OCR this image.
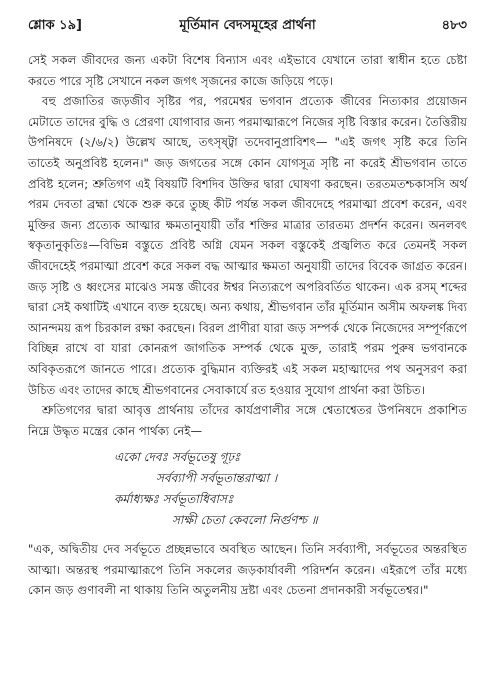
শ্লোক ১৯]	মূর্তিমান বেদসমূহের প্রার্থনা	৪৮৩

সেই সকল জীবদের জন্য একটা বিশেষ বিন্যাস এবং এইভাবে যেখানে তারা স্বাধীন হতে চেষ্টা করতে পারে সৃষ্টি সেখানে নকল জগৎ সৃজনের কাজে জড়িয়ে পড়ে।

বহু প্রজাতির জড়জীব সৃষ্টির পর, পরমেশ্বর ভগবান প্রত্যেক জীবের নিত্যকার প্রয়োজন মেটাতে তাদের বুদ্ধি ও প্রেরণা যোগাবার জন্য পরমাত্মারূপে নিজের সৃষ্টি বিস্তার করেন। তৈত্তিরীয় উপনিষদে (২/৬/২) উল্লেখ আছে, তৎসৃষ্ট্বা তদেবানুপ্রাবিশৎ— "এই জগৎ সৃষ্টি করে তিনি তাতেই অনুপ্রবিষ্ট হলেন।" জড় জগতের সঙ্গে কোন যোগসূত্র সৃষ্টি না করেই শ্রীভগবান তাতে প্রবিষ্ট হলেন; শ্রুতিগণ এই বিষয়টি বিশদিব উক্তির দ্বারা ঘোষণা করছেন। তরতমতশ্চকাসসি অর্থ পরম দেবতা ব্রহ্মা থেকে শুরু করে তুচ্ছ কীট পর্যন্ত সকল জীবদেহে পরমাত্মা প্রবেশ করেন, এবং মুক্তির জন্য প্রত্যেক আত্মার ক্ষমতানুযায়ী তাঁর শক্তির মাত্রার তারতম্য প্রদর্শন করেন। অনলবৎ স্বকৃতানুকৃতিঃ—বিভিন্ন বস্তুতে প্রবিষ্ট অগ্নি যেমন সকল বস্তুকেই প্রজ্বলিত করে তেমনই সকল জীবদেহেই পরমাত্মা প্রবেশ করে সকল বদ্ধ আত্মার ক্ষমতা অনুযায়ী তাদের বিবেক জাগ্রত করেন। জড় সৃষ্টি ও ধ্বংসের মাঝেও সমস্ত জীবের ঈশ্বর নিত্যরূপে অপরিবর্তিত থাকেন। এক রসম্ শব্দের দ্বারা সেই কথাটিই এখানে ব্যক্ত হয়েছে। অন্য কথায়, শ্রীভগবান তাঁর মূর্তিমান অসীম অফলঙ্ক দিব্য আনন্দময় রূপ চিরকাল রক্ষা করছেন। বিরল প্রাণীরা যারা জড় সম্পর্ক থেকে নিজেদের সম্পূর্ণরূপে বিচ্ছিন্ন রাখে বা যারা কোনরূপ জাগতিক সম্পর্ক থেকে মুক্ত, তারাই পরম পুরুষ ভগবানকে অবিকৃতরূপে জানতে পারে। প্রত্যেক বুদ্ধিমান ব্যক্তিরই এই সকল মহাত্মাদের পথ অনুসরণ করা উচিত এবং তাদের কাছে শ্রীভগবানের সেবাকার্যে রত হওয়ার সুযোগ প্রার্থনা করা উচিত।

শ্রুতিগণের দ্বারা আবৃত্ত প্রার্থনায় তাঁদের কার্যপ্রণালীর সঙ্গে শ্বেতাশ্বেতর উপনিষদে প্রকাশিত নিম্নে উদ্ধৃত মন্ত্রের কোন পার্থক্য নেই—

একো দেবঃ সর্বভূতেষু গূঢ়ঃ
সর্বব্যাপী সর্বভূতান্তরাত্মা ।
কর্মাধ্যক্ষঃ সর্বভূতাধিবাসঃ
সাক্ষী চেতা কেবলো নির্গুণশ্চ ॥

"এক, অদ্বিতীয় দেব সর্বভূতে প্রচ্ছন্নভাবে অবস্থিত আছেন। তিনি সর্বব্যাপী, সর্বভূতের অন্তরস্থিত আত্মা। অন্তরস্থ পরমাত্মারূপে তিনি সকলের জড়কার্যাবলী পরিদর্শন করেন। এইরূপে তাঁর মধ্যে কোন জড় গুণাবলী না থাকায় তিনি অতুলনীয় দ্রষ্টা এবং চেতনা প্রদানকারী সর্বভূতেশ্বর।"
